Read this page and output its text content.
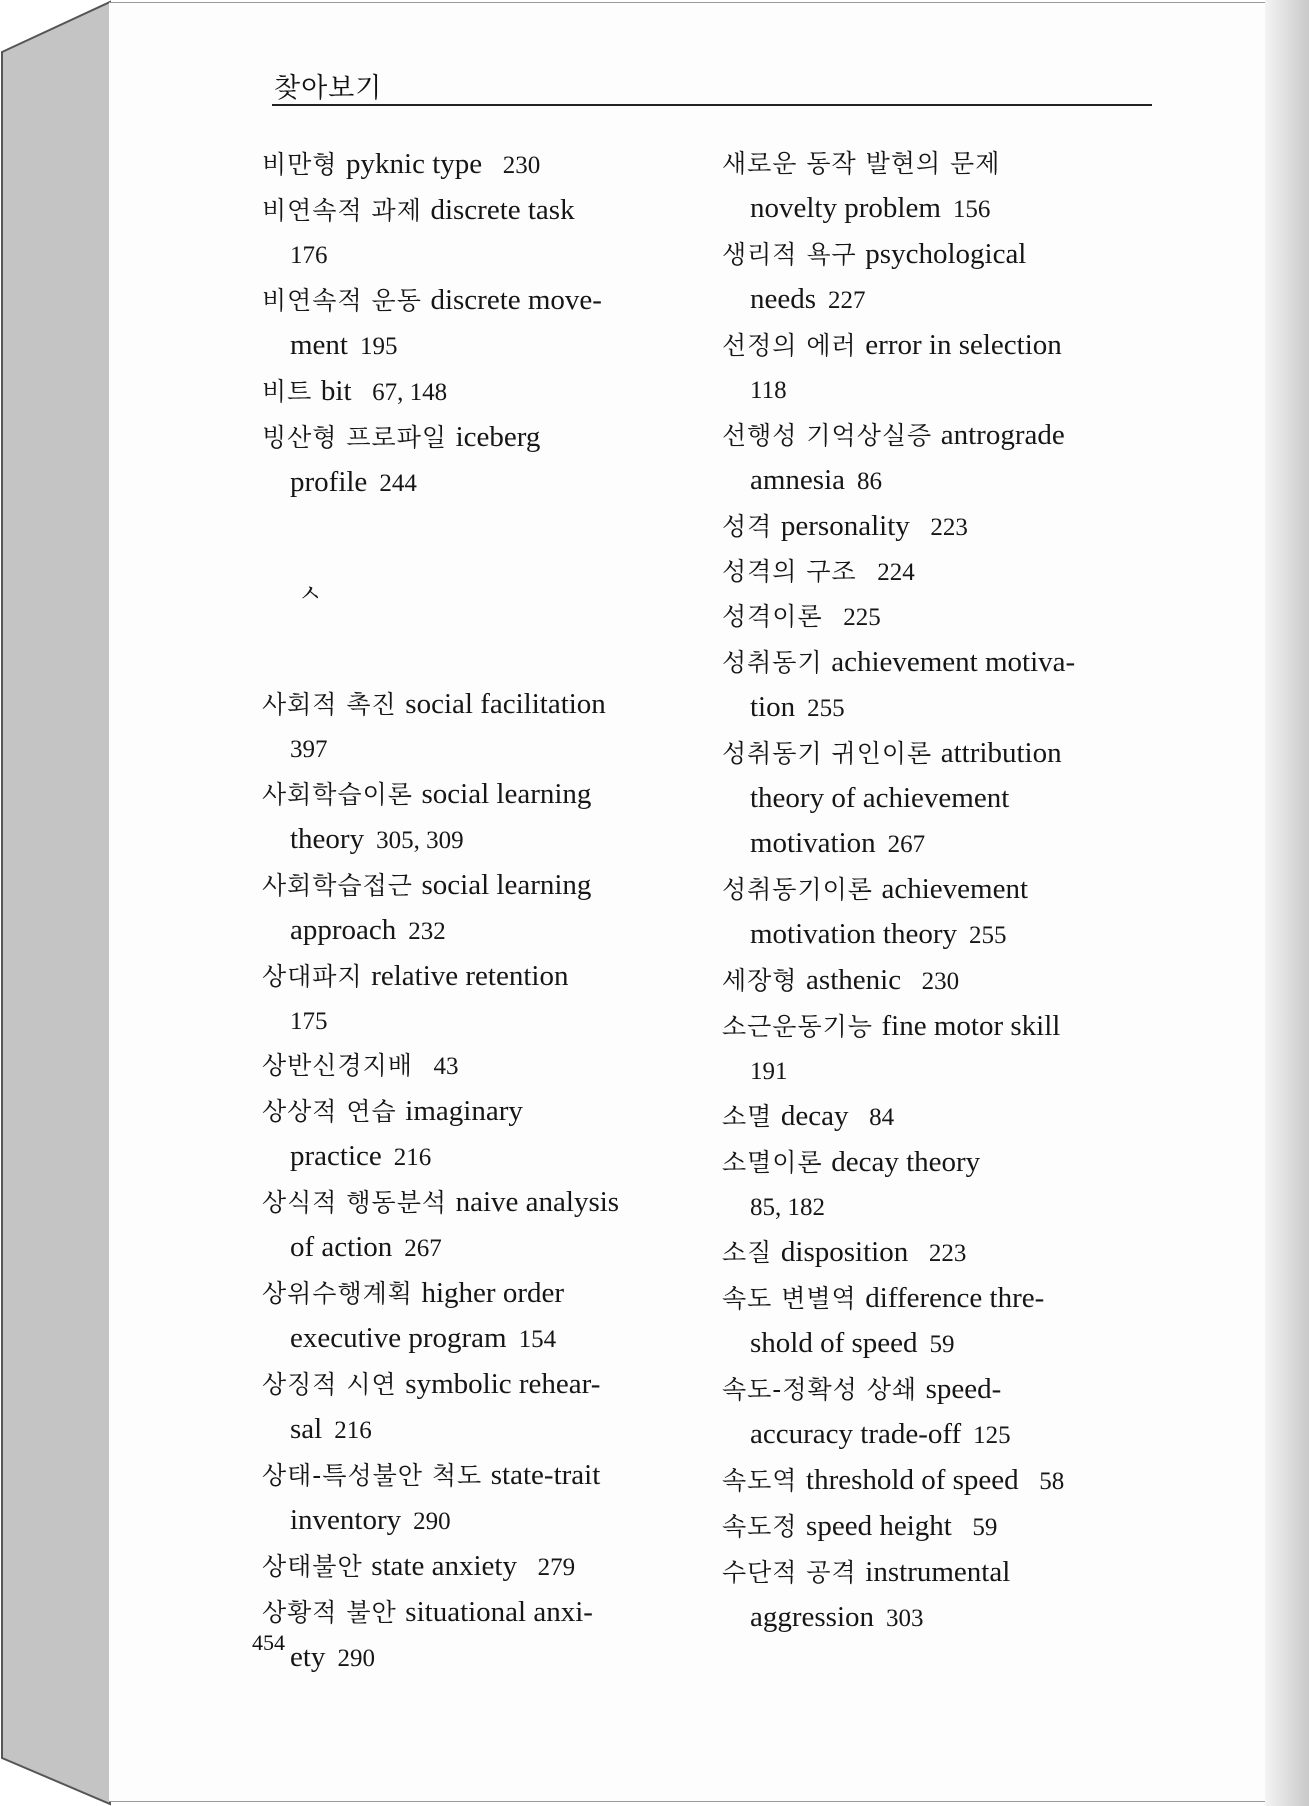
찾아보기

비만형 pyknic type 230

비연속적 과제 discrete task
176

비연속적 운동 discrete move-
ment 195

비트 bit 67, 148

빙산형 프로파일 iceberg
profile 244

ㅅ

사회적 촉진 social facilitation
397

사회학습이론 social learning
theory 305, 309

사회학습접근 social learning
approach 232

상대파지 relative retention
175

상반신경지배 43

상상적 연습 imaginary
practice 216

상식적 행동분석 naive analysis
of action 267

상위수행계획 higher order
executive program 154

상징적 시연 symbolic rehear-
sal 216

상태-특성불안 척도 state-trait
inventory 290

상태불안 state anxiety 279

상황적 불안 situational anxi-
ety 290

새로운 동작 발현의 문제
novelty problem 156

생리적 욕구 psychological
needs 227

선정의 에러 error in selection
118

선행성 기억상실증 antrograde
amnesia 86

성격 personality 223

성격의 구조 224

성격이론 225

성취동기 achievement motiva-
tion 255

성취동기 귀인이론 attribution
theory of achievement motivation 267

성취동기이론 achievement
motivation theory 255

세장형 asthenic 230

소근운동기능 fine motor skill
191

소멸 decay 84

소멸이론 decay theory
85, 182

소질 disposition 223

속도 변별역 difference thre-
shold of speed 59

속도-정확성 상쇄 speed-
accuracy trade-off 125

속도역 threshold of speed 58

속도정 speed height 59

수단적 공격 instrumental
aggression 303

454
